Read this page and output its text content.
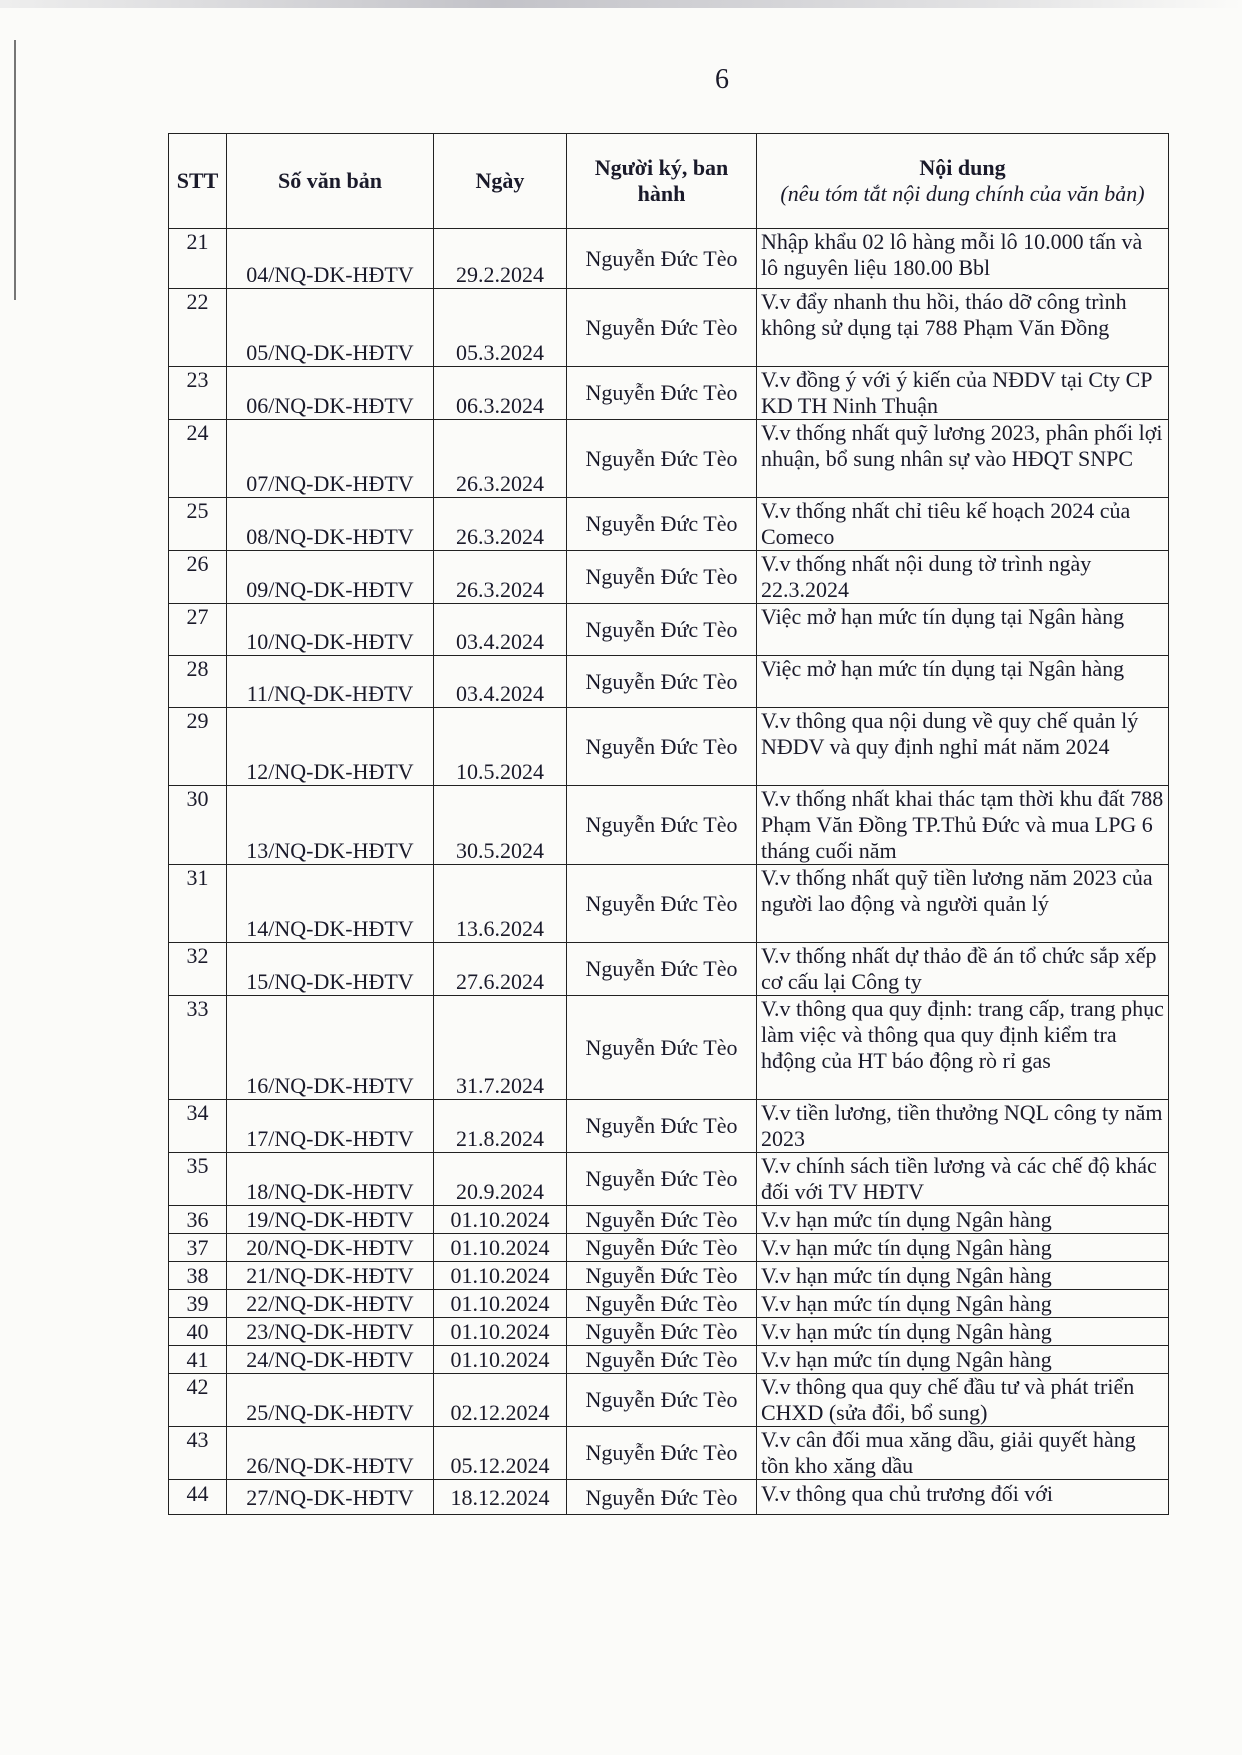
6
STT	Số văn bản	Ngày	Người ký, ban hành	Nội dung
(nêu tóm tắt nội dung chính của văn bản)

21	04/NQ-DK-HĐTV	29.2.2024	Nguyễn Đức Tèo	Nhập khẩu 02 lô hàng mỗi lô 10.000 tấn và lô nguyên liệu 180.00 Bbl
22	05/NQ-DK-HĐTV	05.3.2024	Nguyễn Đức Tèo	V.v đẩy nhanh thu hồi, tháo dỡ công trình không sử dụng tại 788 Phạm Văn Đồng
23	06/NQ-DK-HĐTV	06.3.2024	Nguyễn Đức Tèo	V.v đồng ý với ý kiến của NĐDV tại Cty CP KD TH Ninh Thuận
24	07/NQ-DK-HĐTV	26.3.2024	Nguyễn Đức Tèo	V.v thống nhất quỹ lương 2023, phân phối lợi nhuận, bổ sung nhân sự vào HĐQT SNPC
25	08/NQ-DK-HĐTV	26.3.2024	Nguyễn Đức Tèo	V.v thống nhất chỉ tiêu kế hoạch 2024 của Comeco
26	09/NQ-DK-HĐTV	26.3.2024	Nguyễn Đức Tèo	V.v thống nhất nội dung tờ trình ngày 22.3.2024
27	10/NQ-DK-HĐTV	03.4.2024	Nguyễn Đức Tèo	Việc mở hạn mức tín dụng tại Ngân hàng
28	11/NQ-DK-HĐTV	03.4.2024	Nguyễn Đức Tèo	Việc mở hạn mức tín dụng tại Ngân hàng
29	12/NQ-DK-HĐTV	10.5.2024	Nguyễn Đức Tèo	V.v thông qua nội dung về quy chế quản lý NĐDV và quy định nghỉ mát năm 2024
30	13/NQ-DK-HĐTV	30.5.2024	Nguyễn Đức Tèo	V.v thống nhất khai thác tạm thời khu đất 788 Phạm Văn Đồng TP.Thủ Đức và mua LPG 6 tháng cuối năm
31	14/NQ-DK-HĐTV	13.6.2024	Nguyễn Đức Tèo	V.v thống nhất quỹ tiền lương năm 2023 của người lao động và người quản lý
32	15/NQ-DK-HĐTV	27.6.2024	Nguyễn Đức Tèo	V.v thống nhất dự thảo đề án tổ chức sắp xếp cơ cấu lại Công ty
33	16/NQ-DK-HĐTV	31.7.2024	Nguyễn Đức Tèo	V.v thông qua quy định: trang cấp, trang phục làm việc và thông qua quy định kiểm tra hđộng của HT báo động rò rỉ gas
34	17/NQ-DK-HĐTV	21.8.2024	Nguyễn Đức Tèo	V.v tiền lương, tiền thưởng NQL công ty năm 2023
35	18/NQ-DK-HĐTV	20.9.2024	Nguyễn Đức Tèo	V.v chính sách tiền lương và các chế độ khác đối với TV HĐTV
36	19/NQ-DK-HĐTV	01.10.2024	Nguyễn Đức Tèo	V.v hạn mức tín dụng Ngân hàng
37	20/NQ-DK-HĐTV	01.10.2024	Nguyễn Đức Tèo	V.v hạn mức tín dụng Ngân hàng
38	21/NQ-DK-HĐTV	01.10.2024	Nguyễn Đức Tèo	V.v hạn mức tín dụng Ngân hàng
39	22/NQ-DK-HĐTV	01.10.2024	Nguyễn Đức Tèo	V.v hạn mức tín dụng Ngân hàng
40	23/NQ-DK-HĐTV	01.10.2024	Nguyễn Đức Tèo	V.v hạn mức tín dụng Ngân hàng
41	24/NQ-DK-HĐTV	01.10.2024	Nguyễn Đức Tèo	V.v hạn mức tín dụng Ngân hàng
42	25/NQ-DK-HĐTV	02.12.2024	Nguyễn Đức Tèo	V.v thông qua quy chế đầu tư và phát triển CHXD (sửa đổi, bổ sung)
43	26/NQ-DK-HĐTV	05.12.2024	Nguyễn Đức Tèo	V.v cân đối mua xăng dầu, giải quyết hàng tồn kho xăng dầu
44	27/NQ-DK-HĐTV	18.12.2024	Nguyễn Đức Tèo	V.v thông qua chủ trương đối với
